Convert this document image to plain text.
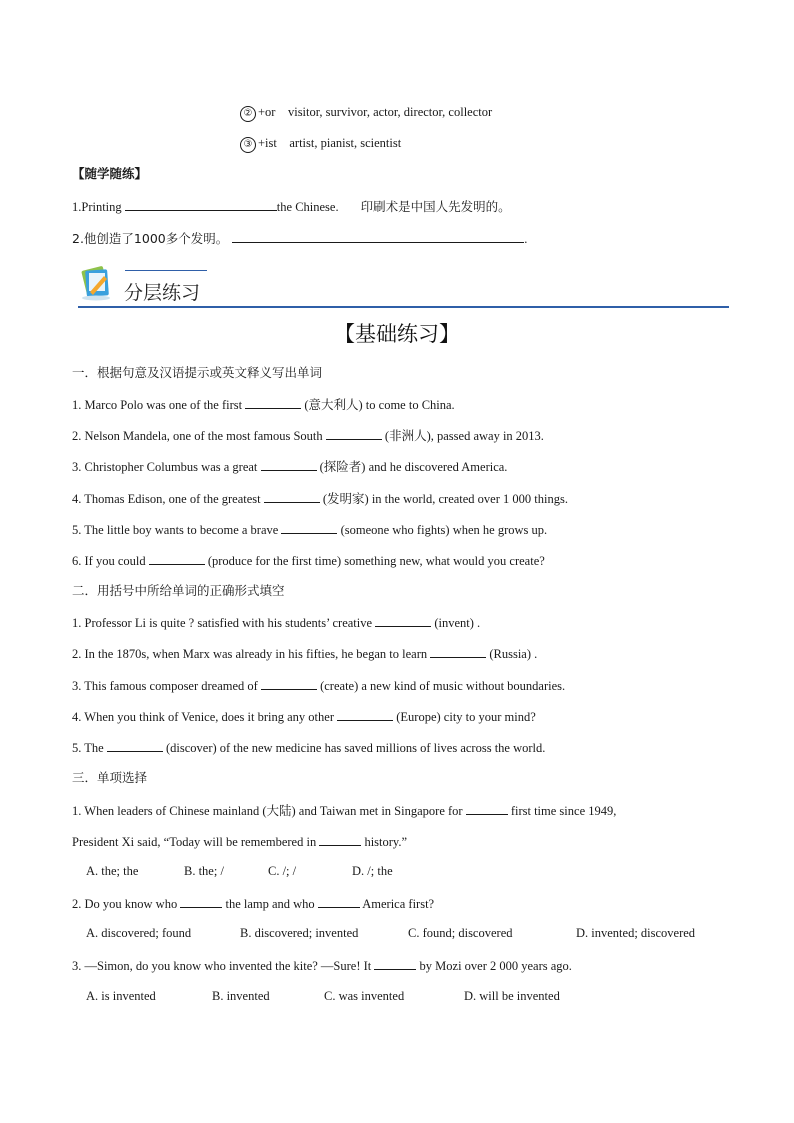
② +or visitor, survivor, actor, director, collector
③ +ist artist, pianist, scientist
【随学随练】
1.Printing	the Chinese. 印刷术是中国人先发明的。
2.他创造了1000多个发明。	.
分层练习
【基础练习】
一．根据句意及汉语提示或英文释义写出单词
1. Marco Polo was one of the first	(意大利人) to come to China.
2. Nelson Mandela, one of the most famous South	(非洲人), passed away in 2013.
3. Christopher Columbus was a great	(探险者) and he discovered America.
4. Thomas Edison, one of the greatest	(发明家) in the world, created over 1 000 things.
5. The little boy wants to become a brave	(someone who fights) when he grows up.
6. If you could	(produce for the first time) something new, what would you create?
二．用括号中所给单词的正确形式填空
1. Professor Li is quite ? satisfied with his students’ creative	(invent) .
2. In the 1870s, when Marx was already in his fifties, he began to learn	(Russia) .
3. This famous composer dreamed of	(create) a new kind of music without boundaries.
4. When you think of Venice, does it bring any other	(Europe) city to your mind?
5. The	(discover) of the new medicine has saved millions of lives across the world.
三．单项选择
1. When leaders of Chinese mainland (大陆) and Taiwan met in Singapore for	first time since 1949,
President Xi said, “Today will be remembered in	history.”
A. the; the	B. the; /	C. /; /	D. /; the
2. Do you know who	the lamp and who	America first?
A. discovered; found	B. discovered; invented	C. found; discovered	D. invented; discovered
3. —Simon, do you know who invented the kite? —Sure! It	by Mozi over 2 000 years ago.
A. is invented	B. invented	C. was invented	D. will be invented
